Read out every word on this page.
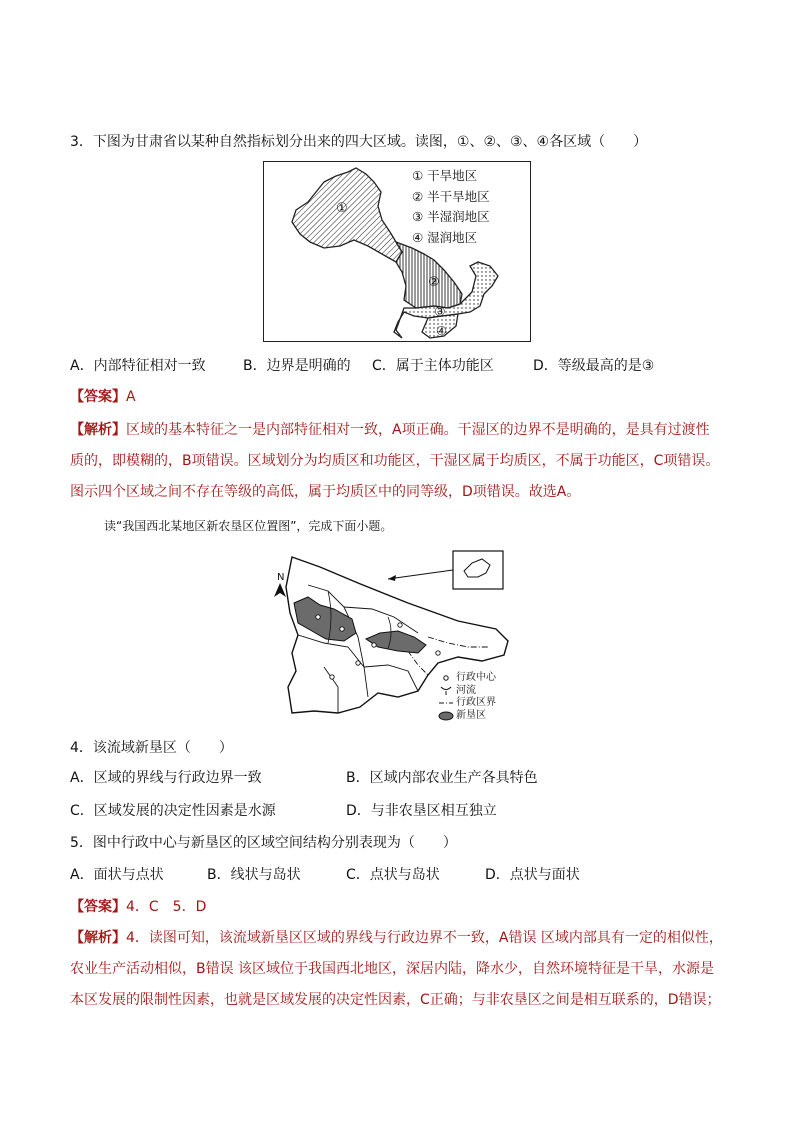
3．下图为甘肃省以某种自然指标划分出来的四大区域。读图，①、②、③、④各区域（　　）
①
②
③
④
① 干旱地区
② 半干旱地区
③ 半湿润地区
④ 湿润地区
A．内部特征相对一致	B．边界是明确的 C．属于主体功能区	D．等级最高的是③
【答案】A
【解析】区域的基本特征之一是内部特征相对一致，A项正确。干湿区的边界不是明确的，是具有过渡性
质的，即模糊的，B项错误。区域划分为均质区和功能区，干湿区属于均质区，不属于功能区，C项错误。
图示四个区域之间不存在等级的高低，属于均质区中的同等级，D项错误。故选A。
读“我国西北某地区新农垦区位置图”，完成下面小题。
N
行政中心
河流
行政区界
新垦区
4．该流域新垦区（　　）
A．区域的界线与行政边界一致	B．区域内部农业生产各具特色
C．区域发展的决定性因素是水源	D．与非农垦区相互独立
5．图中行政中心与新垦区的区域空间结构分别表现为（　　）
A．面状与点状	B．线状与岛状	C．点状与岛状	D．点状与面状
【答案】4．C　5．D
【解析】4．读图可知，该流域新垦区区域的界线与行政边界不一致，A错误 区域内部具有一定的相似性，
农业生产活动相似，B错误 该区域位于我国西北地区，深居内陆，降水少，自然环境特征是干旱，水源是
本区发展的限制性因素，也就是区域发展的决定性因素，C正确；与非农垦区之间是相互联系的，D错误；
